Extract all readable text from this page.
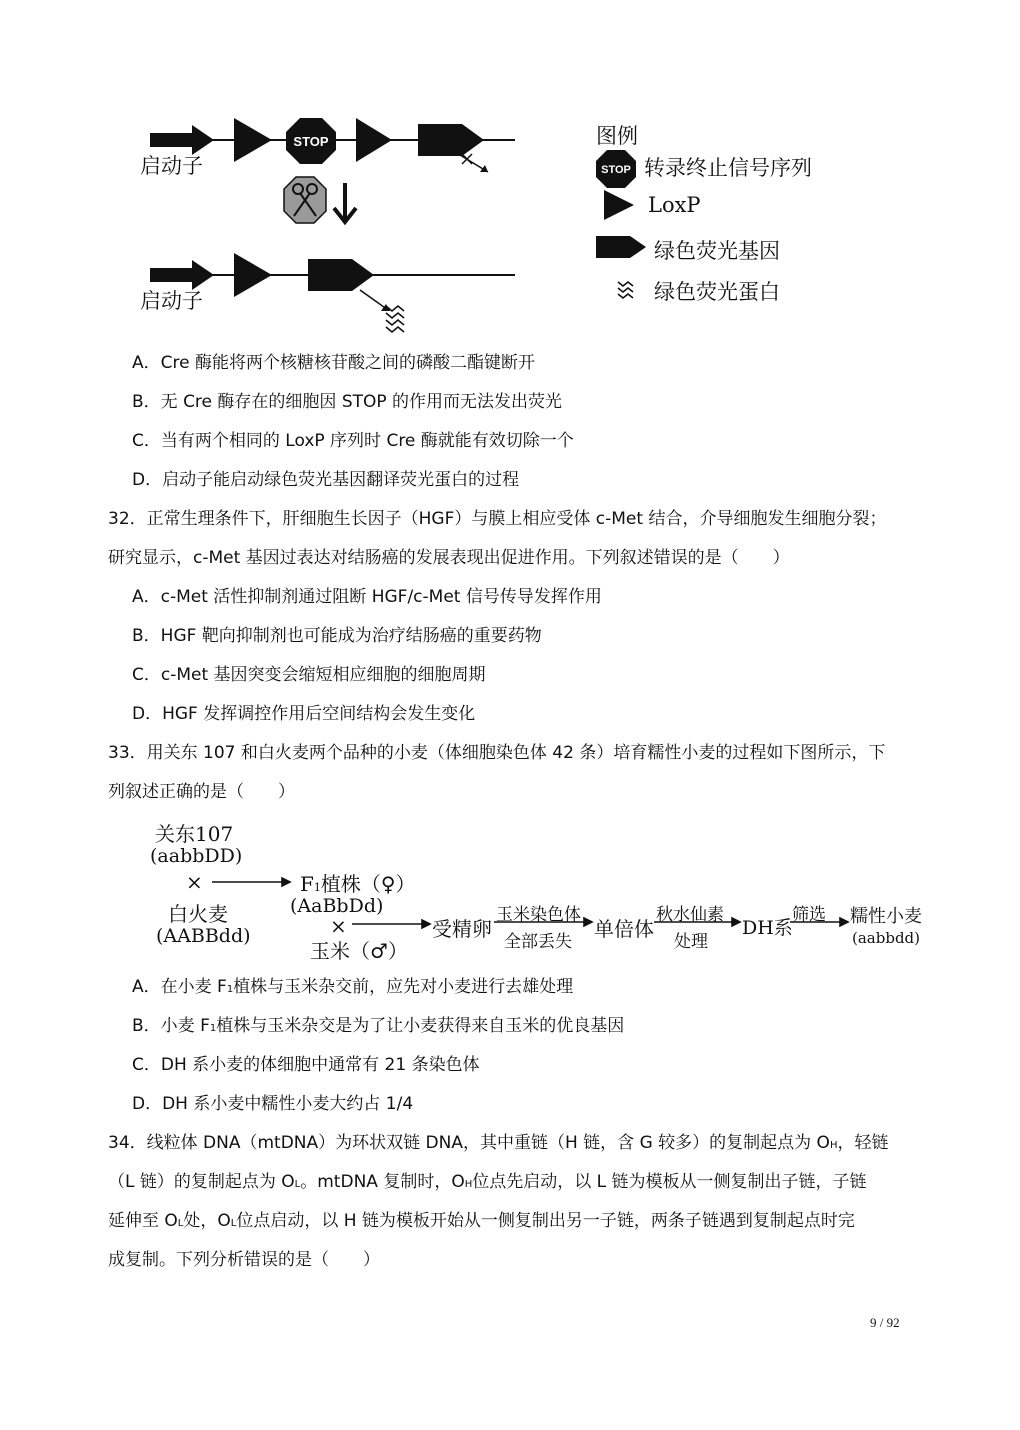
STOP
STOP
启动子
启动子
图例
转录终止信号序列
LoxP
绿色荧光基因
绿色荧光蛋白
A．Cre 酶能将两个核糖核苷酸之间的磷酸二酯键断开
B．无 Cre 酶存在的细胞因 STOP 的作用而无法发出荧光
C．当有两个相同的 LoxP 序列时 Cre 酶就能有效切除一个
D．启动子能启动绿色荧光基因翻译荧光蛋白的过程
32．正常生理条件下，肝细胞生长因子（HGF）与膜上相应受体 c-Met 结合，介导细胞发生细胞分裂；
研究显示，c-Met 基因过表达对结肠癌的发展表现出促进作用。下列叙述错误的是（　　）
A．c-Met 活性抑制剂通过阻断 HGF/c-Met 信号传导发挥作用
B．HGF 靶向抑制剂也可能成为治疗结肠癌的重要药物
C．c-Met 基因突变会缩短相应细胞的细胞周期
D．HGF 发挥调控作用后空间结构会发生变化
33．用关东 107 和白火麦两个品种的小麦（体细胞染色体 42 条）培育糯性小麦的过程如下图所示，下
列叙述正确的是（　　）
关东107
(aabbDD)
×
白火麦
(AABBdd)
F1植株（♀）
(AaBbDd)
×
玉米（♂）
受精卵
玉米染色体
全部丢失
单倍体
秋水仙素
处理
DH系
筛选 糯性小麦
(aabbdd)
A．在小麦 F1植株与玉米杂交前，应先对小麦进行去雄处理
B．小麦 F1植株与玉米杂交是为了让小麦获得来自玉米的优良基因
C．DH 系小麦的体细胞中通常有 21 条染色体
D．DH 系小麦中糯性小麦大约占 1/4
34．线粒体 DNA（mtDNA）为环状双链 DNA，其中重链（H 链，含 G 较多）的复制起点为 OH，轻链
（L 链）的复制起点为 OL。mtDNA 复制时，OH位点先启动，以 L 链为模板从一侧复制出子链，子链
延伸至 OL处，OL位点启动，以 H 链为模板开始从一侧复制出另一子链，两条子链遇到复制起点时完
成复制。下列分析错误的是（　　）
9 / 92
